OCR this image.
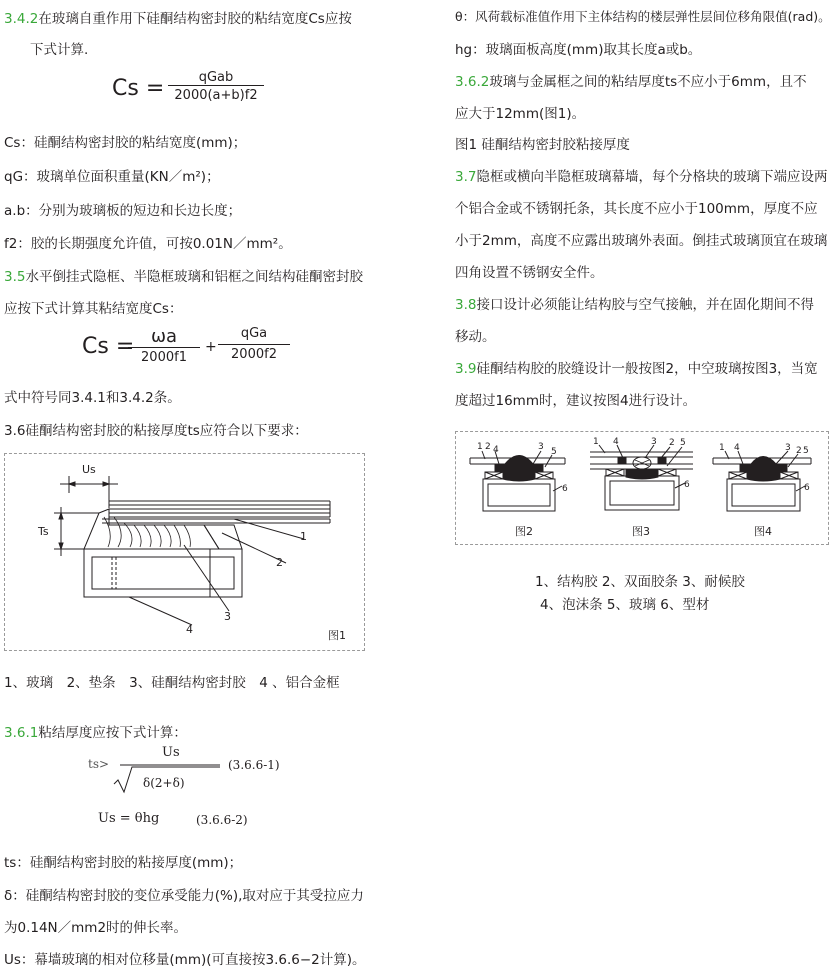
3.4.2在玻璃自重作用下硅酮结构密封胶的粘结宽度Cs应按
下式计算.
Cs =	qGab
2000(a+b)f2
Cs：硅酮结构密封胶的粘结宽度(mm)；
qG：玻璃单位面积重量(KN／m²)；
a.b：分别为玻璃板的短边和长边长度；
f2：胶的长期强度允许值，可按0.01N／mm²。
3.5水平倒挂式隐框、半隐框玻璃和铝框之间结构硅酮密封胶
应按下式计算其粘结宽度Cs：
Cs = ωa
2000f1
+
qGa
2000f2
式中符号同3.4.1和3.4.2条。
3.6硅酮结构密封胶的粘接厚度ts应符合以下要求：
Us
Ts	1
2
3
4	图1
1、玻璃　2、垫条　3、硅酮结构密封胶　4 、铝合金框
3.6.1粘结厚度应按下式计算：
ts>
Us
δ(2+δ)
(3.6.6-1)
Us = θhg	(3.6.6-2)
ts：硅酮结构密封胶的粘接厚度(mm)；
δ：硅酮结构密封胶的变位承受能力(%),取对应于其受拉应力
为0.14N／mm2时的伸长率。
Us：幕墙玻璃的相对位移量(mm)(可直接按3.6.6−2计算)。
θ：风荷载标准值作用下主体结构的楼层弹性层间位移角限值(rad)。
hg：玻璃面板高度(mm)取其长度a或b。
3.6.2玻璃与金属框之间的粘结厚度ts不应小于6mm，且不
应大于12mm(图1)。
图1 硅酮结构密封胶粘接厚度
3.7隐框或横向半隐框玻璃幕墙，每个分格块的玻璃下端应设两
个铝合金或不锈钢托条，其长度不应小于100mm，厚度不应
小于2mm，高度不应露出玻璃外表面。倒挂式玻璃顶宜在玻璃
四角设置不锈钢安全件。
3.8接口设计必须能让结构胶与空气接触，并在固化期间不得
移动。
3.9硅酮结构胶的胶缝设计一般按图2，中空玻璃按图3，当宽
度超过16mm时，建议按图4进行设计。
1 2 4	3 5
6
1 4	3 2 5
6
1 4	3 2 5
6
图2	图3	图4
1、结构胶 2、双面胶条 3、耐候胶
4、泡沫条 5、玻璃 6、型材
